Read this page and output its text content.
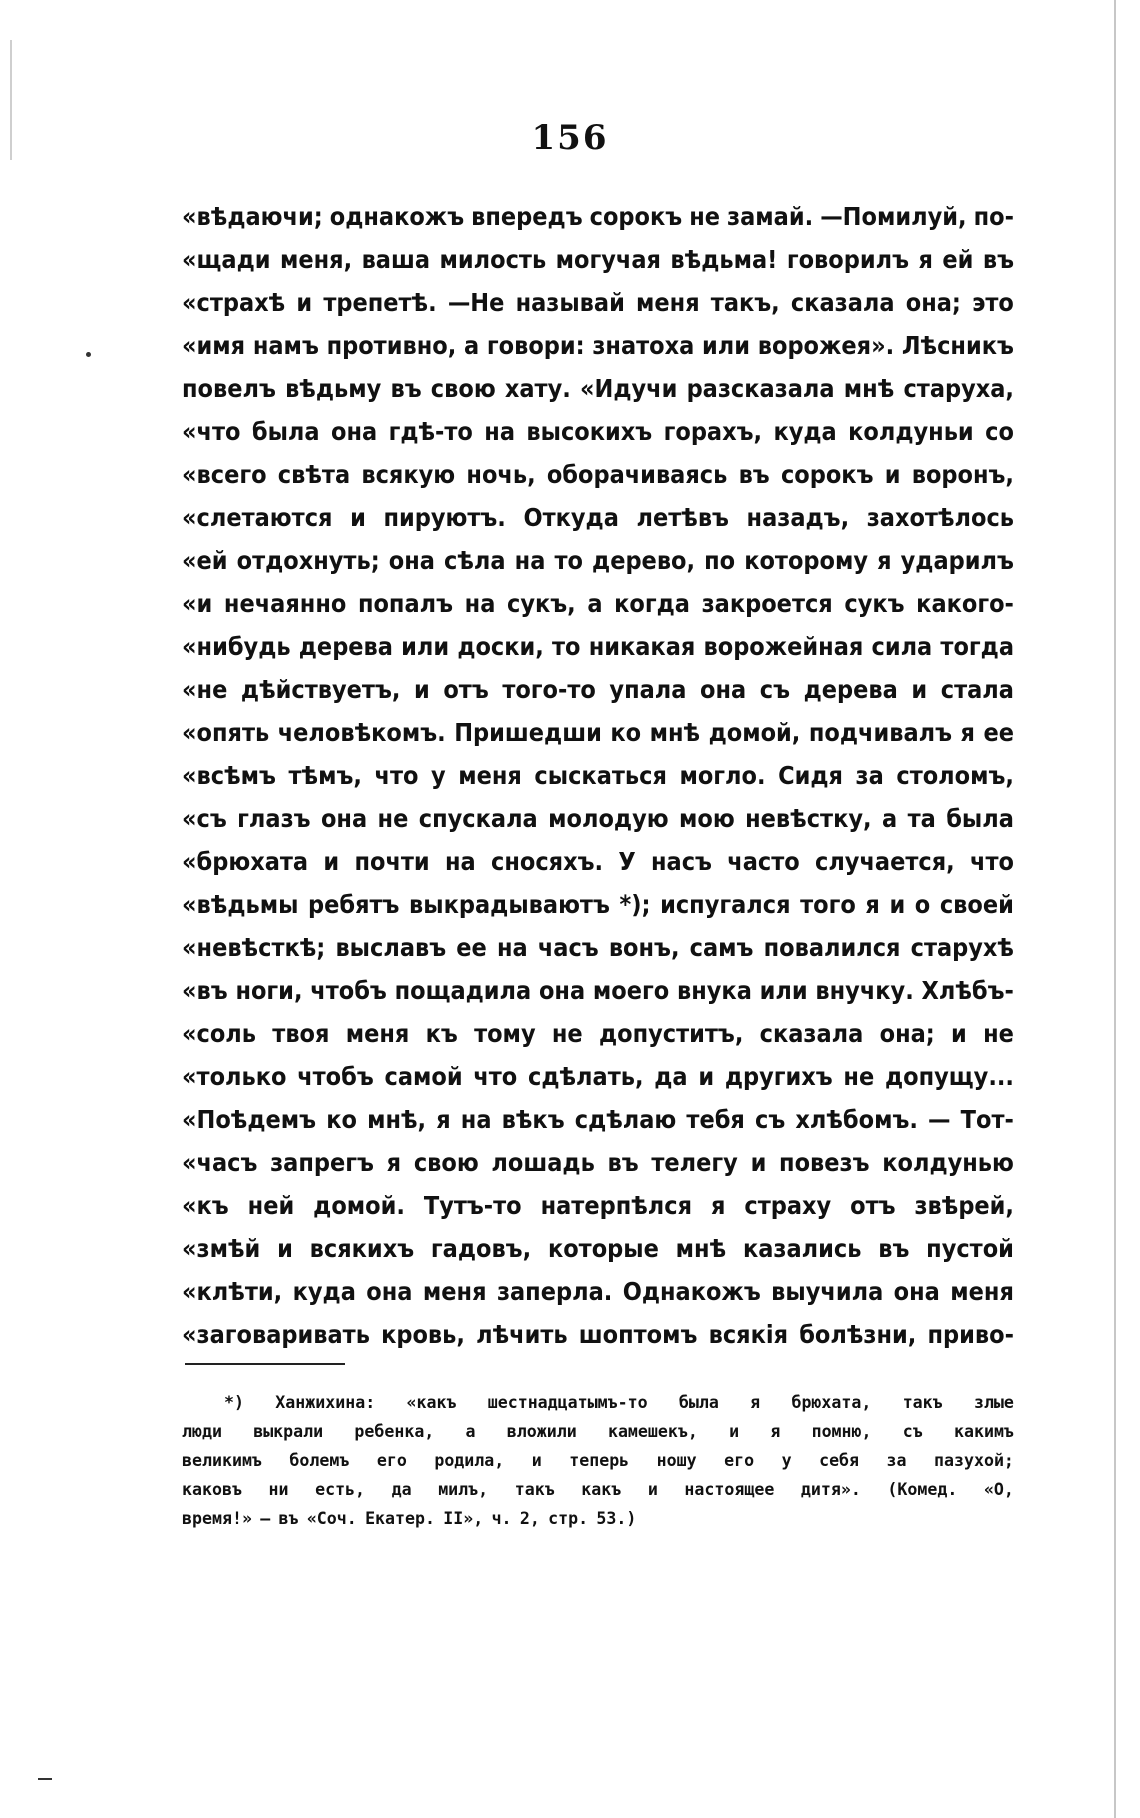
156
«вѣдаючи; однакожъ впередъ сорокъ не замай. —Помилуй, по-
«щади меня, ваша милость могучая вѣдьма! говорилъ я ей въ
«страхѣ и трепетѣ. —Не называй меня такъ, сказала она; это
«имя намъ противно, а говори: знатоха или ворожея». Лѣсникъ
повелъ вѣдьму въ свою хату. «Идучи разсказала мнѣ старуха,
«что была она гдѣ-то на высокихъ горахъ, куда колдуньи со
«всего свѣта всякую ночь, оборачиваясь въ сорокъ и воронъ,
«слетаются и пируютъ. Откуда летѣвъ назадъ, захотѣлось
«ей отдохнуть; она сѣла на то дерево, по которому я ударилъ
«и нечаянно попалъ на сукъ, а когда закроется сукъ какого-
«нибудь дерева или доски, то никакая ворожейная сила тогда
«не дѣйствуетъ, и отъ того-то упала она съ дерева и стала
«опять человѣкомъ. Пришедши ко мнѣ домой, подчивалъ я ее
«всѣмъ тѣмъ, что у меня сыскаться могло. Сидя за столомъ,
«съ глазъ она не спускала молодую мою невѣстку, а та была
«брюхата и почти на сносяхъ. У насъ часто случается, что
«вѣдьмы ребятъ выкрадываютъ *); испугался того я и о своей
«невѣсткѣ; выславъ ее на часъ вонъ, самъ повалился старухѣ
«въ ноги, чтобъ пощадила она моего внука или внучку. Хлѣбъ-
«соль твоя меня къ тому не допуститъ, сказала она; и не
«только чтобъ самой что сдѣлать, да и другихъ не допущу...
«Поѣдемъ ко мнѣ, я на вѣкъ сдѣлаю тебя съ хлѣбомъ. — Тот-
«часъ запрегъ я свою лошадь въ телегу и повезъ колдунью
«къ ней домой. Тутъ-то натерпѣлся я страху отъ звѣрей,
«змѣй и всякихъ гадовъ, которые мнѣ казались въ пустой
«клѣти, куда она меня заперла. Однакожъ выучила она меня
«заговаривать кровь, лѣчить шоптомъ всякія болѣзни, приво-
*) Ханжихина: «какъ шестнадцатымъ-то была я брюхата, такъ злые
люди выкрали ребенка, а вложили камешекъ, и я помню, съ какимъ
великимъ болемъ его родила, и теперь ношу его у себя за пазухой;
каковъ ни есть, да милъ, такъ какъ и настоящее дитя». (Комед. «О,
время!» — въ «Соч. Екатер. II», ч. 2, стр. 53.)
